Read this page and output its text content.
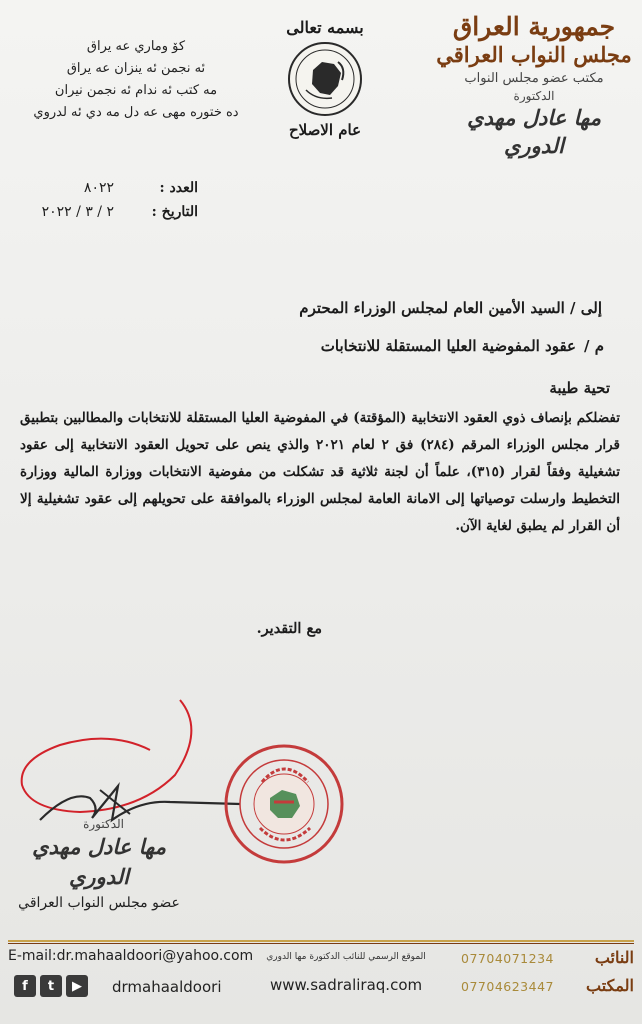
جمهورية العراق
مجلس النواب العراقي
مكتب عضو مجلس النواب
الدكتورة
مها عادل مهدي الدوري
بسمه تعالى
عام الاصلاح
كۆ وماري عه يراق
ئه نجمن ئه ينزان عه يراق
مه كتب ئه ندام ئه نجمن نيران
ده ختوره مهى عه دل مه دي ئه لدروي
العدد :
٨٠٢٢
التاريخ :
٢ / ٣ / ٢٠٢٢
إلى / السيد الأمين العام لمجلس الوزراء المحترم
م /عقود المفوضية العليا المستقلة للانتخابات
تحية طيبة
تفضلكم بإنصاف ذوي العقود الانتخابية (المؤقتة) في المفوضية العليا المستقلة للانتخابات والمطالبين بتطبيق قرار مجلس الوزراء المرقم (٢٨٤) فق ٢ لعام ٢٠٢١ والذي ينص على تحويل العقود الانتخابية إلى عقود تشغيلية وفقاً لقرار (٣١٥)، علماً أن لجنة ثلاثية قد تشكلت من مفوضية الانتخابات ووزارة المالية ووزارة التخطيط وارسلت توصياتها إلى الامانة العامة لمجلس الوزراء بالموافقة على تحويلهم إلى عقود تشغيلية إلا أن القرار لم يطبق لغاية الآن.
مع التقدير.
الدكتورة
مها عادل مهدي الدوري
عضو مجلس النواب العراقي
E-mail:dr.mahaaldoori@yahoo.com	الموقع الرسمي للنائب الدكتورة مها الدوري
www.sadraliraq.com
f	t	▶	drmahaaldoori
07704071234	النائب
07704623447	المكتب
